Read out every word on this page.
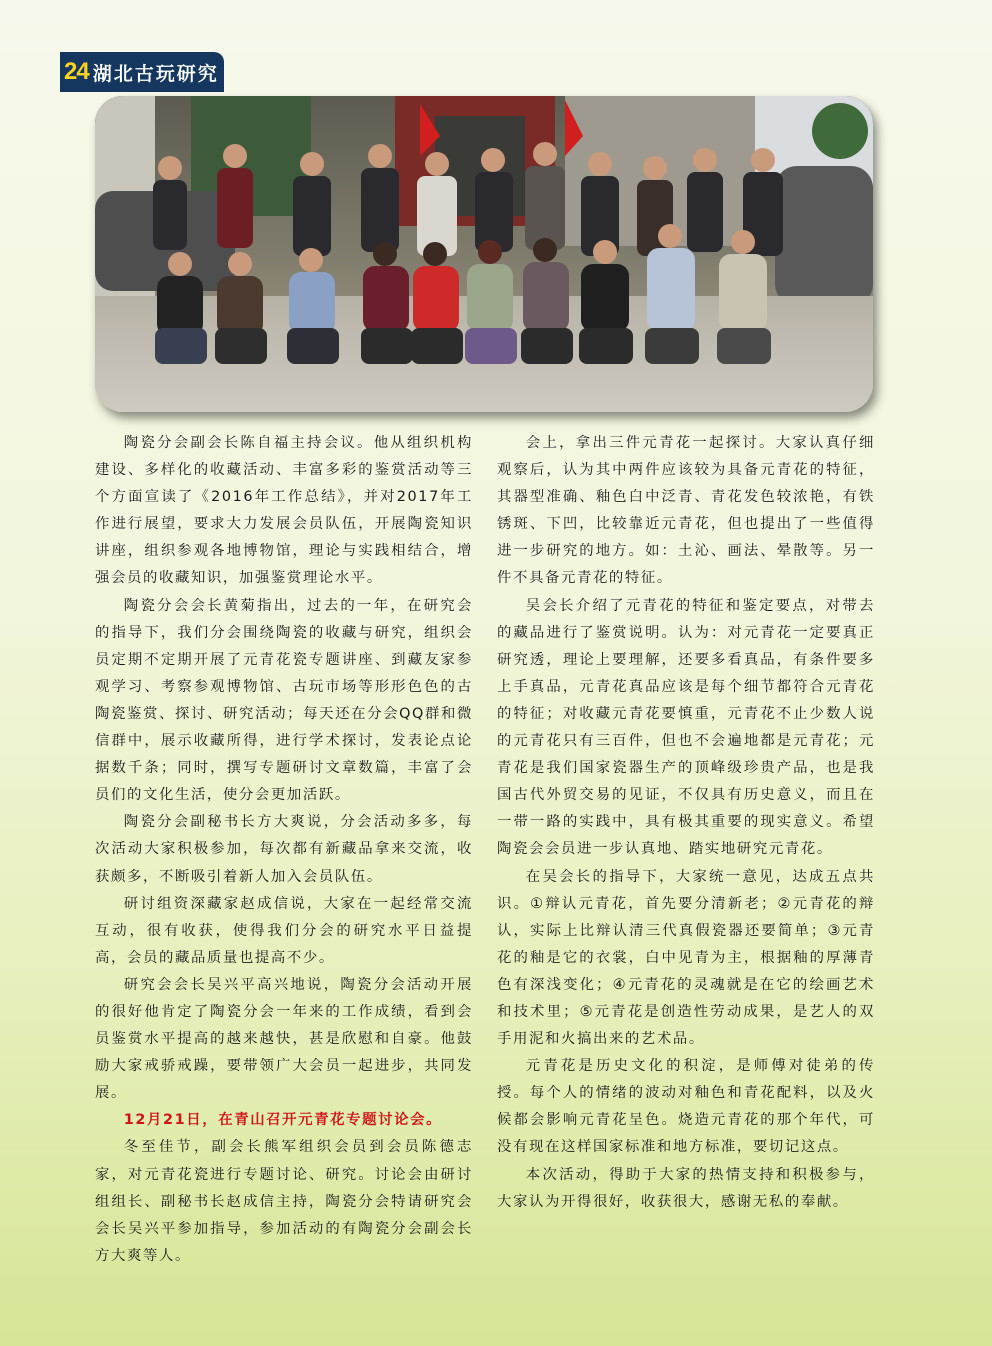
24 湖北古玩研究

陶瓷分会副会长陈自福主持会议。他从组织机构建设、多样化的收藏活动、丰富多彩的鉴赏活动等三个方面宣读了《2016年工作总结》，并对2017年工作进行展望，要求大力发展会员队伍，开展陶瓷知识讲座，组织参观各地博物馆，理论与实践相结合，增强会员的收藏知识，加强鉴赏理论水平。

陶瓷分会会长黄菊指出，过去的一年，在研究会的指导下，我们分会围绕陶瓷的收藏与研究，组织会员定期不定期开展了元青花瓷专题讲座、到藏友家参观学习、考察参观博物馆、古玩市场等形形色色的古陶瓷鉴赏、探讨、研究活动；每天还在分会QQ群和微信群中，展示收藏所得，进行学术探讨，发表论点论据数千条；同时，撰写专题研讨文章数篇，丰富了会员们的文化生活，使分会更加活跃。

陶瓷分会副秘书长方大爽说，分会活动多多，每次活动大家积极参加，每次都有新藏品拿来交流，收获颇多，不断吸引着新人加入会员队伍。

研讨组资深藏家赵成信说，大家在一起经常交流互动，很有收获，使得我们分会的研究水平日益提高，会员的藏品质量也提高不少。

研究会会长吴兴平高兴地说，陶瓷分会活动开展的很好他肯定了陶瓷分会一年来的工作成绩，看到会员鉴赏水平提高的越来越快，甚是欣慰和自豪。他鼓励大家戒骄戒躁，要带领广大会员一起进步，共同发展。

12月21日，在青山召开元青花专题讨论会。

冬至佳节，副会长熊军组织会员到会员陈德志家，对元青花瓷进行专题讨论、研究。讨论会由研讨组组长、副秘书长赵成信主持，陶瓷分会特请研究会会长吴兴平参加指导，参加活动的有陶瓷分会副会长方大爽等人。

会上，拿出三件元青花一起探讨。大家认真仔细观察后，认为其中两件应该较为具备元青花的特征，其器型准确、釉色白中泛青、青花发色较浓艳，有铁锈斑、下凹，比较靠近元青花，但也提出了一些值得进一步研究的地方。如：土沁、画法、晕散等。另一件不具备元青花的特征。

吴会长介绍了元青花的特征和鉴定要点，对带去的藏品进行了鉴赏说明。认为：对元青花一定要真正研究透，理论上要理解，还要多看真品，有条件要多上手真品，元青花真品应该是每个细节都符合元青花的特征；对收藏元青花要慎重，元青花不止少数人说的元青花只有三百件，但也不会遍地都是元青花；元青花是我们国家瓷器生产的顶峰级珍贵产品，也是我国古代外贸交易的见证，不仅具有历史意义，而且在一带一路的实践中，具有极其重要的现实意义。希望陶瓷会会员进一步认真地、踏实地研究元青花。

在吴会长的指导下，大家统一意见，达成五点共识。①辩认元青花，首先要分清新老；②元青花的辩认，实际上比辩认清三代真假瓷器还要简单；③元青花的釉是它的衣裳，白中见青为主，根据釉的厚薄青色有深浅变化；④元青花的灵魂就是在它的绘画艺术和技术里；⑤元青花是创造性劳动成果，是艺人的双手用泥和火搞出来的艺术品。

元青花是历史文化的积淀，是师傅对徒弟的传授。每个人的情绪的波动对釉色和青花配料，以及火候都会影响元青花呈色。烧造元青花的那个年代，可没有现在这样国家标准和地方标准，要切记这点。

本次活动，得助于大家的热情支持和积极参与，大家认为开得很好，收获很大，感谢无私的奉献。
